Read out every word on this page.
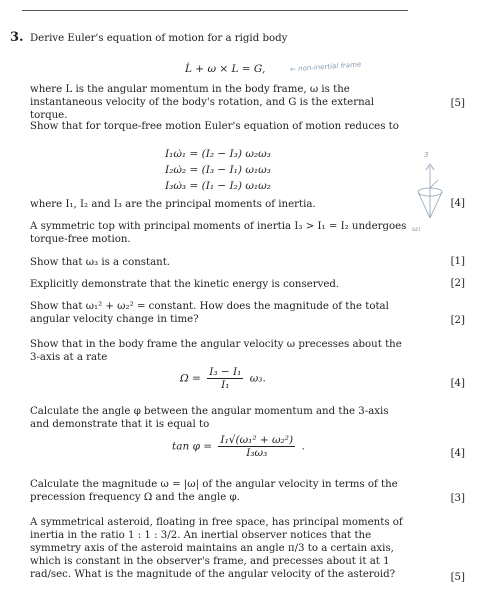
3. Derive Euler's equation of motion for a rigid body
L̇ + ω × L = G,	← non-inertial frame
where L is the angular momentum in the body frame, ω is the instantaneous velocity of the body's rotation, and G is the external torque.
[5]
Show that for torque-free motion Euler's equation of motion reduces to
I₁ω̇₁ = (I₂ − I₃) ω₂ω₃
I₂ω̇₂ = (I₃ − I₁) ω₁ω₃
I₃ω̇₃ = (I₁ − I₂) ω₁ω₂
3
ω₁
where I₁, I₂ and I₃ are the principal moments of inertia.	[4]
A symmetric top with principal moments of inertia I₃ > I₁ = I₂ undergoes torque-free motion.
Show that ω₃ is a constant.	[1]
Explicitly demonstrate that the kinetic energy is conserved.	[2]
Show that ω₁² + ω₂² = constant. How does the magnitude of the total angular velocity change in time?	[2]
Show that in the body frame the angular velocity ω precesses about the 3-axis at a rate
$\Omega = \frac{\text{I₃ − I₁}}{\text{I₁}} \omega_3$.	[4]
Calculate the angle φ between the angular momentum and the 3-axis and demonstrate that it is equal to
$\tan \varphi = \frac{\text{I₁√(ω₁² + ω₂²)}}{\text{I₃ω₃}}$ .
[4]
Calculate the magnitude ω = |ω| of the angular velocity in terms of the precession frequency Ω and the angle φ.	[3]
A symmetrical asteroid, floating in free space, has principal moments of inertia in the ratio 1 : 1 : 3/2. An inertial observer notices that the symmetry axis of the asteroid maintains an angle π/3 to a certain axis, which is constant in the observer's frame, and precesses about it at 1 rad/sec. What is the magnitude of the angular velocity of the asteroid?	[5]
